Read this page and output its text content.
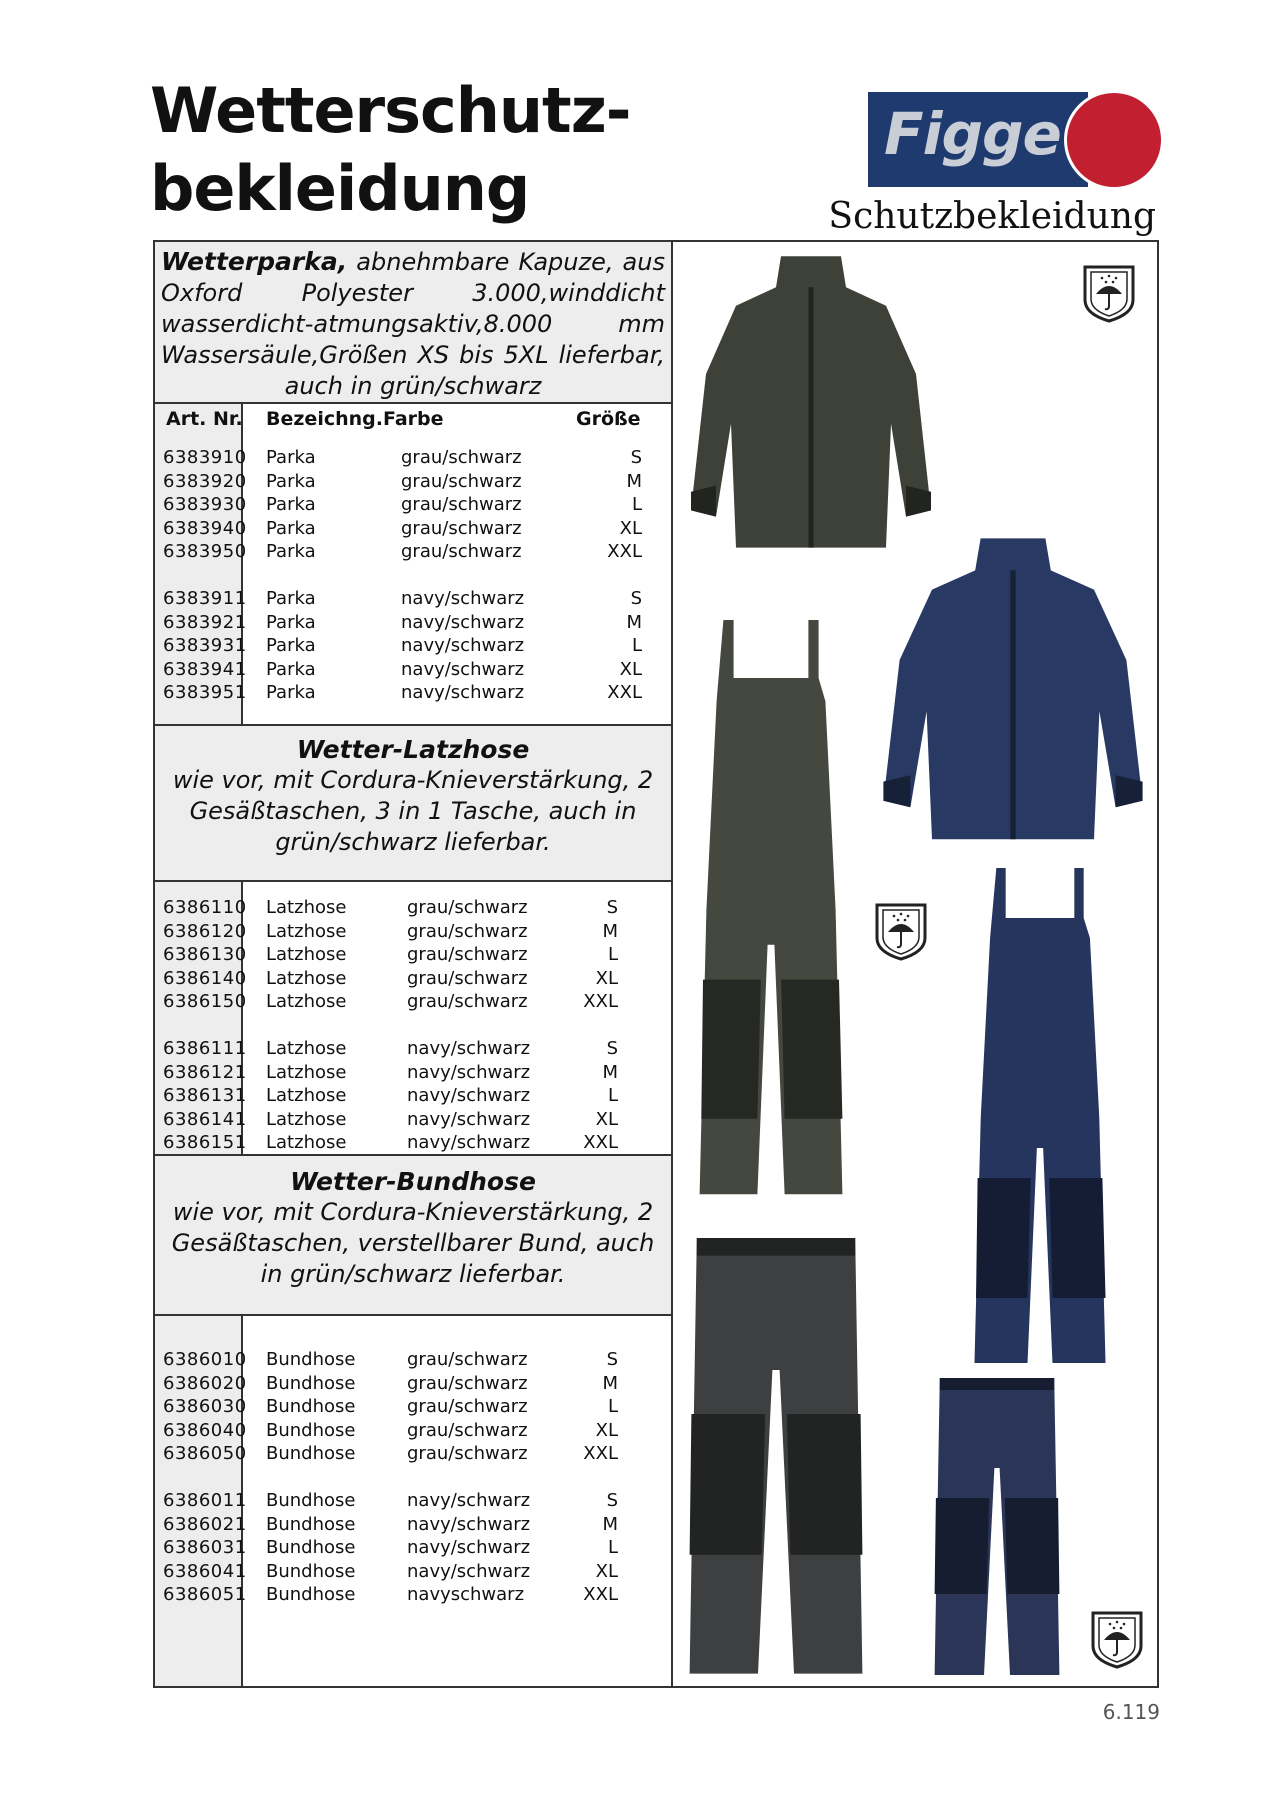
Wetterschutz-
bekleidung
Figge
Schutzbekleidung
Wetterparka, abnehmbare Kapuze, aus Oxford Polyester 3.000,winddicht wasserdicht-atmungsaktiv,8.000 mm Wassersäule,Größen XS bis 5XL lieferbar, auch in grün/schwarz
Wetter-Latzhose
wie vor, mit Cordura-Knieverstärkung, 2 Gesäßtaschen, 3 in 1 Tasche, auch in grün/schwarz lieferbar.
Wetter-Bundhose
wie vor, mit Cordura-Knieverstärkung, 2 Gesäßtaschen, verstellbarer Bund, auch in grün/schwarz lieferbar.
Art. Nr. Bezeichng.Farbe	Größe
6383910 Parka	grau/schwarz	S
6383920 Parka	grau/schwarz	M
6383930 Parka	grau/schwarz	L
6383940 Parka	grau/schwarz	XL
6383950 Parka	grau/schwarz	XXL
6383911 Parka	navy/schwarz	S
6383921 Parka	navy/schwarz	M
6383931 Parka	navy/schwarz	L
6383941 Parka	navy/schwarz	XL
6383951 Parka	navy/schwarz	XXL
6386110 Latzhose	grau/schwarz	S
6386120 Latzhose	grau/schwarz	M
6386130 Latzhose	grau/schwarz	L
6386140 Latzhose	grau/schwarz	XL
6386150 Latzhose	grau/schwarz	XXL
6386111 Latzhose	navy/schwarz	S
6386121 Latzhose	navy/schwarz	M
6386131 Latzhose	navy/schwarz	L
6386141 Latzhose	navy/schwarz	XL
6386151 Latzhose	navy/schwarz	XXL
6386010 Bundhose	grau/schwarz	S
6386020 Bundhose	grau/schwarz	M
6386030 Bundhose	grau/schwarz	L
6386040 Bundhose	grau/schwarz	XL
6386050 Bundhose	grau/schwarz	XXL
6386011 Bundhose	navy/schwarz	S
6386021 Bundhose	navy/schwarz	M
6386031 Bundhose	navy/schwarz	L
6386041 Bundhose	navy/schwarz	XL
6386051 Bundhose	navyschwarz	XXL
6.119
